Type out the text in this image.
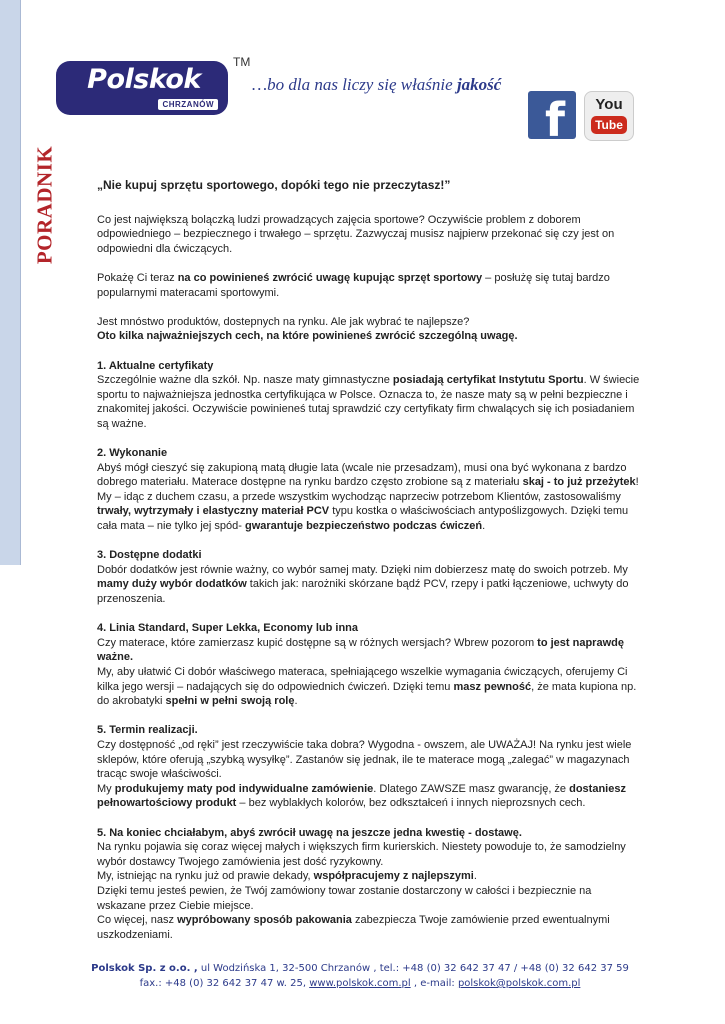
PORADNIK
Polskok
CHRZANÓW
TM
…bo dla nas liczy się właśnie jakość
f	You
Tube

„Nie kupuj sprzętu sportowego, dopóki tego nie przeczytasz!”

Co jest największą bolączką ludzi prowadzących zajęcia sportowe? Oczywiście problem z doborem odpowiedniego – bezpiecznego i trwałego – sprzętu. Zazwyczaj musisz najpierw przekonać się czy jest on odpowiedni dla ćwiczących.

Pokażę Ci teraz na co powinieneś zwrócić uwagę kupując sprzęt sportowy – posłużę się tutaj bardzo popularnymi materacami sportowymi.

Jest mnóstwo produktów, dostepnych na rynku. Ale jak wybrać te najlepsze?
Oto kilka najważniejszych cech, na które powinieneś zwrócić szczególną uwagę.

1. Aktualne certyfikaty
Szczególnie ważne dla szkół. Np. nasze maty gimnastyczne posiadają certyfikat Instytutu Sportu. W świecie sportu to najważniejsza jednostka certyfikująca w Polsce. Oznacza to, że nasze maty są w pełni bezpieczne i znakomitej jakości. Oczywiście powinieneś tutaj sprawdzić czy certyfikaty firm chwalących się ich posiadaniem są ważne.

2. Wykonanie
Abyś mógł cieszyć się zakupioną matą długie lata (wcale nie przesadzam), musi ona być wykonana z bardzo dobrego materiału. Materace dostępne na rynku bardzo często zrobione są z materiału skaj - to już przeżytek! My – idąc z duchem czasu, a przede wszystkim wychodząc naprzeciw potrzebom Klientów, zastosowaliśmy trwały, wytrzymały i elastyczny materiał PCV typu kostka o właściwościach antypoślizgowych. Dzięki temu cała mata – nie tylko jej spód- gwarantuje bezpieczeństwo podczas ćwiczeń.

3. Dostępne dodatki
Dobór dodatków jest równie ważny, co wybór samej maty. Dzięki nim dobierzesz matę do swoich potrzeb. My mamy duży wybór dodatków takich jak: narożniki skórzane bądź PCV, rzepy i patki łączeniowe, uchwyty do przenoszenia.

4. Linia Standard, Super Lekka, Economy lub inna
Czy materace, które zamierzasz kupić dostępne są w różnych wersjach? Wbrew pozorom to jest naprawdę ważne.
My, aby ułatwić Ci dobór właściwego materaca, spełniającego wszelkie wymagania ćwiczących, oferujemy Ci kilka jego wersji – nadających się do odpowiednich ćwiczeń. Dzięki temu masz pewność, że mata kupiona np. do akrobatyki spełni w pełni swoją rolę.

5. Termin realizacji.
Czy dostępność „od ręki” jest rzeczywiście taka dobra? Wygodna - owszem, ale UWAŻAJ! Na rynku jest wiele sklepów, które oferują „szybką wysyłkę”. Zastanów się jednak, ile te materace mogą „zalegać” w magazynach tracąc swoje właściwości.
My produkujemy maty pod indywidualne zamówienie. Dlatego ZAWSZE masz gwarancję, że dostaniesz pełnowartościowy produkt – bez wyblakłych kolorów, bez odkształceń i innych nieprozsnych cech.

5. Na koniec chciałabym, abyś zwrócił uwagę na jeszcze jedna kwestię - dostawę.
Na rynku pojawia się coraz więcej małych i większych firm kurierskich. Niestety powoduje to, że samodzielny wybór dostawcy Twojego zamówienia jest dość ryzykowny.
My, istniejąc na rynku już od prawie dekady, współpracujemy z najlepszymi.
Dzięki temu jesteś pewien, że Twój zamówiony towar zostanie dostarczony w całości i bezpiecznie na wskazane przez Ciebie miejsce.
Co więcej, nasz wypróbowany sposób pakowania zabezpiecza Twoje zamówienie przed ewentualnymi uszkodzeniami.

Polskok Sp. z o.o. , ul Wodzińska 1, 32-500 Chrzanów , tel.: +48 (0) 32 642 37 47 / +48 (0) 32 642 37 59
fax.: +48 (0) 32 642 37 47 w. 25, www.polskok.com.pl , e-mail: polskok@polskok.com.pl
